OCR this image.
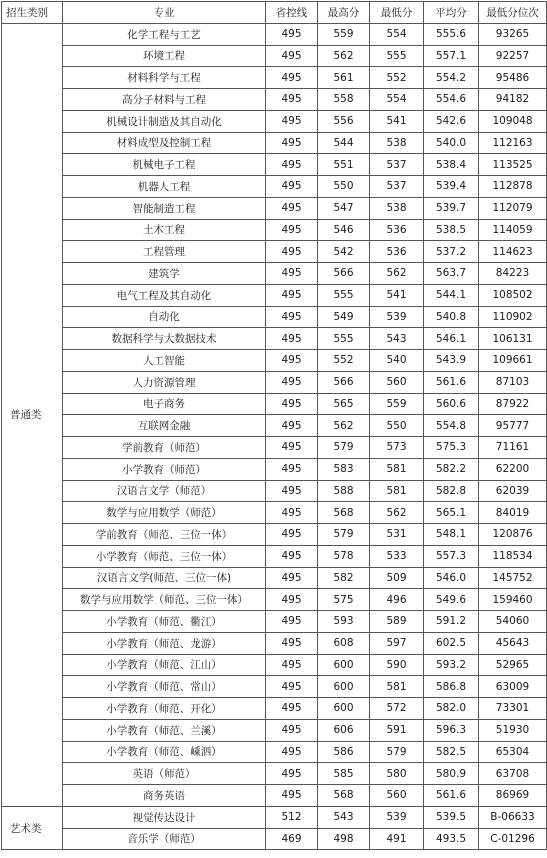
招生类别	专业	省控线	最高分	最低分	平均分	最低分位次
普通类	化学工程与工艺	495	559	554	555.6	93265
	环境工程	495	562	555	557.1	92257
	材料科学与工程	495	561	552	554.2	95486
	高分子材料与工程	495	558	554	554.6	94182
	机械设计制造及其自动化	495	556	541	542.6	109048
	材料成型及控制工程	495	544	538	540.0	112163
	机械电子工程	495	551	537	538.4	113525
	机器人工程	495	550	537	539.4	112878
	智能制造工程	495	547	538	539.7	112079
	土木工程	495	546	536	538.5	114059
	工程管理	495	542	536	537.2	114623
	建筑学	495	566	562	563.7	84223
	电气工程及其自动化	495	555	541	544.1	108502
	自动化	495	549	539	540.8	110902
	数据科学与大数据技术	495	555	543	546.1	106131
	人工智能	495	552	540	543.9	109661
	人力资源管理	495	566	560	561.6	87103
	电子商务	495	565	559	560.6	87922
	互联网金融	495	562	550	554.8	95777
	学前教育（师范）	495	579	573	575.3	71161
	小学教育（师范）	495	583	581	582.2	62200
	汉语言文学（师范）	495	588	581	582.8	62039
	数学与应用数学（师范）	495	568	562	565.1	84019
	学前教育（师范、三位一体）	495	579	531	548.1	120876
	小学教育（师范、三位一体）	495	578	533	557.3	118534
	汉语言文学(师范、三位一体)	495	582	509	546.0	145752
	数学与应用数学（师范、三位一体）	495	575	496	549.6	159460
	小学教育（师范、衢江）	495	593	589	591.2	54060
	小学教育（师范、龙游）	495	608	597	602.5	45643
	小学教育（师范、江山）	495	600	590	593.2	52965
	小学教育（师范、常山）	495	600	581	586.8	63009
	小学教育（师范、开化）	495	600	572	582.0	73301
	小学教育（师范、兰溪）	495	606	591	596.3	51930
	小学教育（师范、嵊泗）	495	586	579	582.5	65304
	英语（师范）	495	585	580	580.9	63708
	商务英语	495	568	560	561.6	86969
艺术类	视觉传达设计	512	543	539	539.5	B-06633
	音乐学（师范）	469	498	491	493.5	C-01296
